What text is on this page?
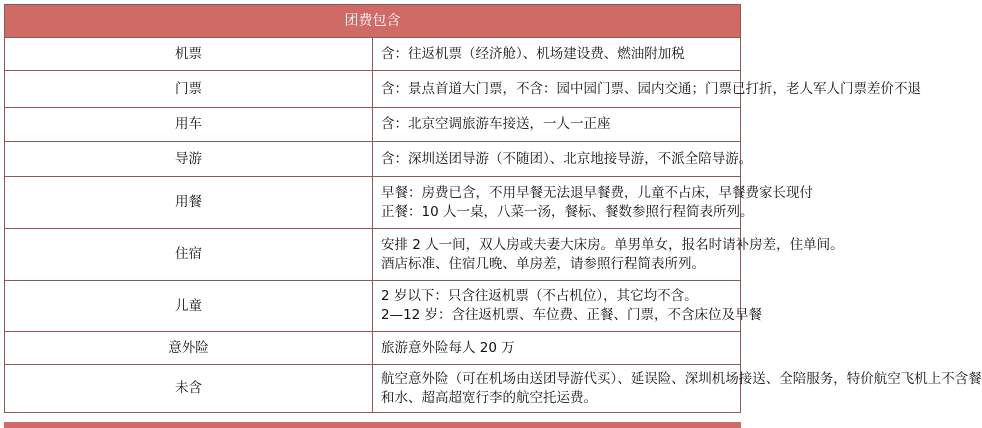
团费包含	
机票	含：往返机票（经济舱）、机场建设费、燃油附加税

门票	含：景点首道大门票，不含：园中园门票、园内交通；门票已打折，老人军人门票差价不退

用车	含：北京空调旅游车接送，一人一正座

导游	含：深圳送团导游（不随团）、北京地接导游，不派全陪导游。

用餐	早餐：房费已含，不用早餐无法退早餐费，儿童不占床，早餐费家长现付
正餐：10 人一桌，八菜一汤，餐标、餐数参照行程简表所列。

住宿	安排 2 人一间，双人房或夫妻大床房。单男单女，报名时请补房差，住单间。
酒店标准、住宿几晚、单房差，请参照行程简表所列。

儿童	2 岁以下：只含往返机票（不占机位），其它均不含。
2—12 岁：含往返机票、车位费、正餐、门票，不含床位及早餐

意外险	旅游意外险每人 20 万

未含	航空意外险（可在机场由送团导游代买）、延误险、深圳机场接送、全陪服务，特价航空飞机上不含餐
和水、超高超宽行李的航空托运费。
